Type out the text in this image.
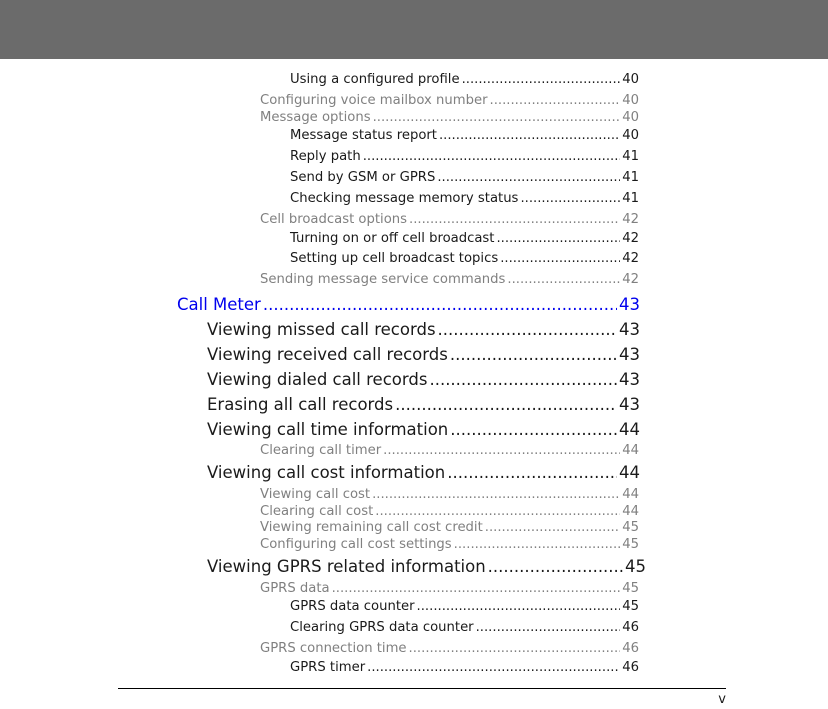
Using a configured profile .....	40
Configuring voice mailbox number .....	40
Message options .....	40
Message status report .....	40
Reply path .....	41
Send by GSM or GPRS .....	41
Checking message memory status .....	41
Cell broadcast options .....	42
Turning on or off cell broadcast .....	42
Setting up cell broadcast topics .....	42
Sending message service commands .....	42
Call Meter .....	43
Viewing missed call records .....	43
Viewing received call records .....	43
Viewing dialed call records .....	43
Erasing all call records .....	43
Viewing call time information .....	44
Clearing call timer .....	44
Viewing call cost information .....	44
Viewing call cost .....	44
Clearing call cost .....	44
Viewing remaining call cost credit .....	45
Configuring call cost settings .....	45
Viewing GPRS related information .....	45
GPRS data .....	45
GPRS data counter .....	45
Clearing GPRS data counter .....	46
GPRS connection time .....	46
GPRS timer .....	46
v
